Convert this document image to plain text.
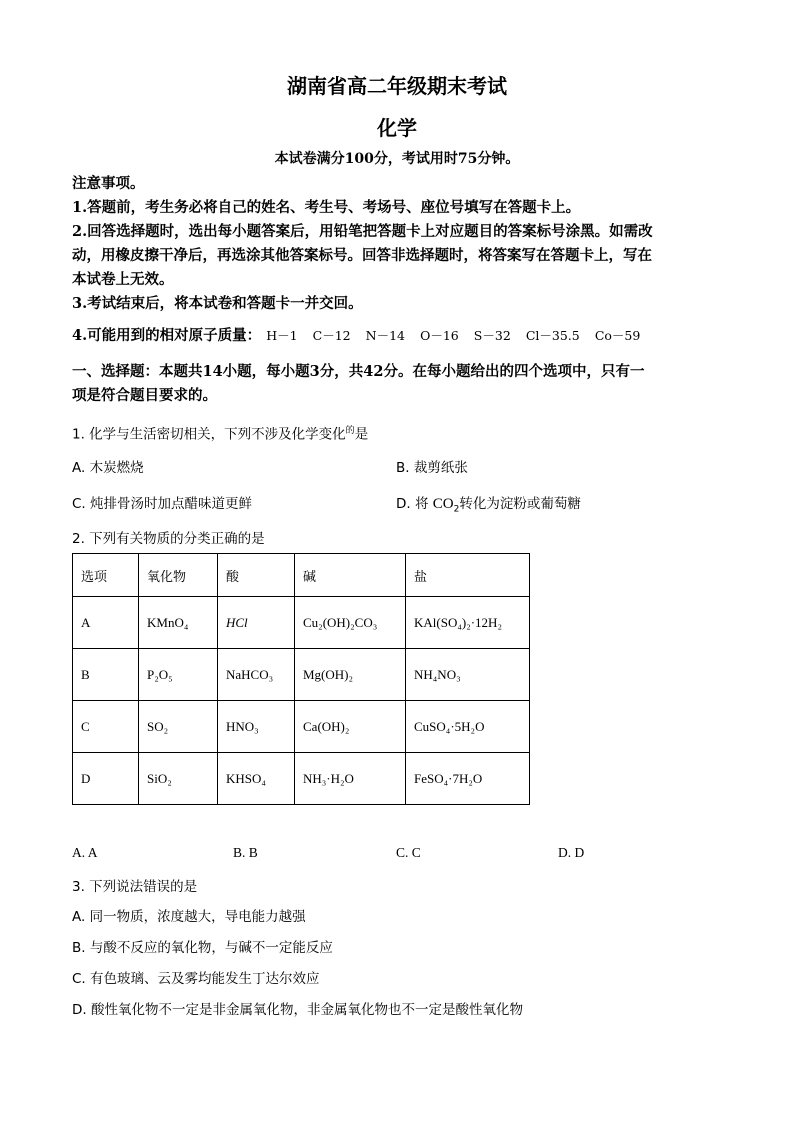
湖南省高二年级期末考试
化学
本试卷满分100分，考试用时75分钟。
注意事项。
1.答题前，考生务必将自己的姓名、考生号、考场号、座位号填写在答题卡上。
2.回答选择题时，选出每小题答案后，用铅笔把答题卡上对应题目的答案标号涂黑。如需改
动，用橡皮擦干净后，再选涂其他答案标号。回答非选择题时，将答案写在答题卡上，写在
本试卷上无效。
3.考试结束后，将本试卷和答题卡一并交回。
4.可能用到的相对原子质量： H－1 C－12 N－14 O－16 S－32 Cl－35.5 Co－59
一、选择题：本题共14小题，每小题3分，共42分。在每小题给出的四个选项中，只有一
项是符合题目要求的。
1. 化学与生活密切相关，下列不涉及化学变化$^的$是
A. 木炭燃烧	B. 裁剪纸张
C. 炖排骨汤时加点醋味道更鲜	D. 将 $CO_2$转化为淀粉或葡萄糖
2. 下列有关物质的分类正确的是
选项	氧化物	酸	碱	盐
A	KMnO₄	HCl	Cu₂(OH)₂CO₃	KAl(SO₄)₂·12H₂
B	P₂O₅	NaHCO₃	Mg(OH)₂	NH₄NO₃
C	SO₂	HNO₃	Ca(OH)₂	CuSO₄·5H₂O
D	SiO₂	KHSO₄	NH₃·H₂O	FeSO₄·7H₂O
A. A	B. B	C. C	D. D
3. 下列说法错误的是
A. 同一物质，浓度越大，导电能力越强
B. 与酸不反应的氧化物，与碱不一定能反应
C. 有色玻璃、云及雾均能发生丁达尔效应
D. 酸性氧化物不一定是非金属氧化物，非金属氧化物也不一定是酸性氧化物
